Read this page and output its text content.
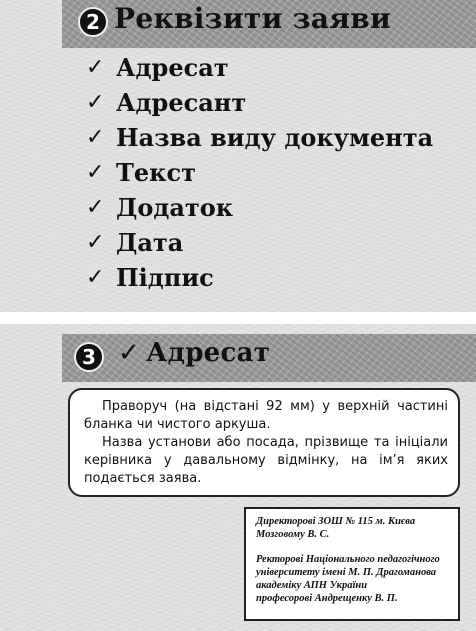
2 Реквізити заяви
✓ Адресат
✓ Адресант
✓ Назва виду документа
✓ Текст
✓ Додаток
✓ Дата
✓ Підпис
3 ✓ Адресат

Праворуч (на відстані 92 мм) у верхній частині бланка чи чистого аркуша.

Назва установи або посада, прізвище та ініціали керівника у давальному відмінку, на ім’я яких подається заява.

Директорові ЗОШ № 115 м. Києва
Мозговому В. С.
Ректорові Національного педагогічного
університету імені М. П. Драгоманова
академіку АПН України
професорові Андрещенку В. П.
